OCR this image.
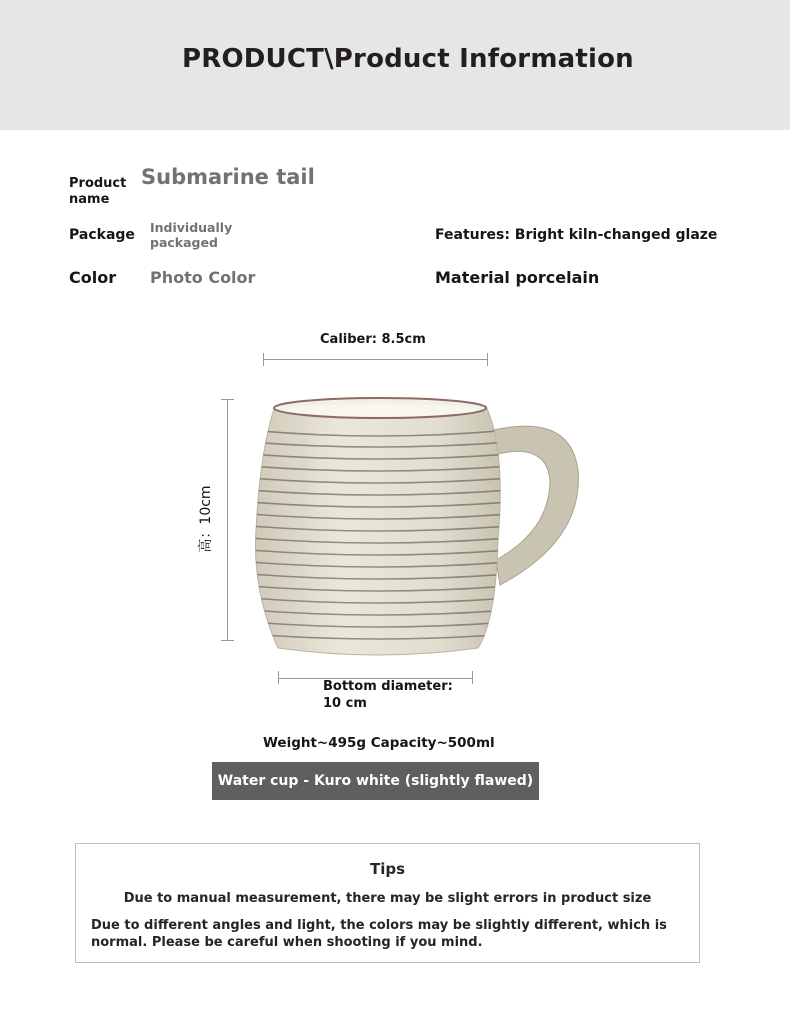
PRODUCT\Product Information
Product name
Submarine tail
Package Individually packaged	Features: Bright kiln-changed glaze
Color Photo Color	Material porcelain
Caliber: 8.5cm
高：10cm
Bottom diameter: 10 cm
Weight~495g Capacity~500ml
Water cup - Kuro white (slightly flawed)
Tips
Due to manual measurement, there may be slight errors in product size
Due to different angles and light, the colors may be slightly different, which is normal. Please be careful when shooting if you mind.
